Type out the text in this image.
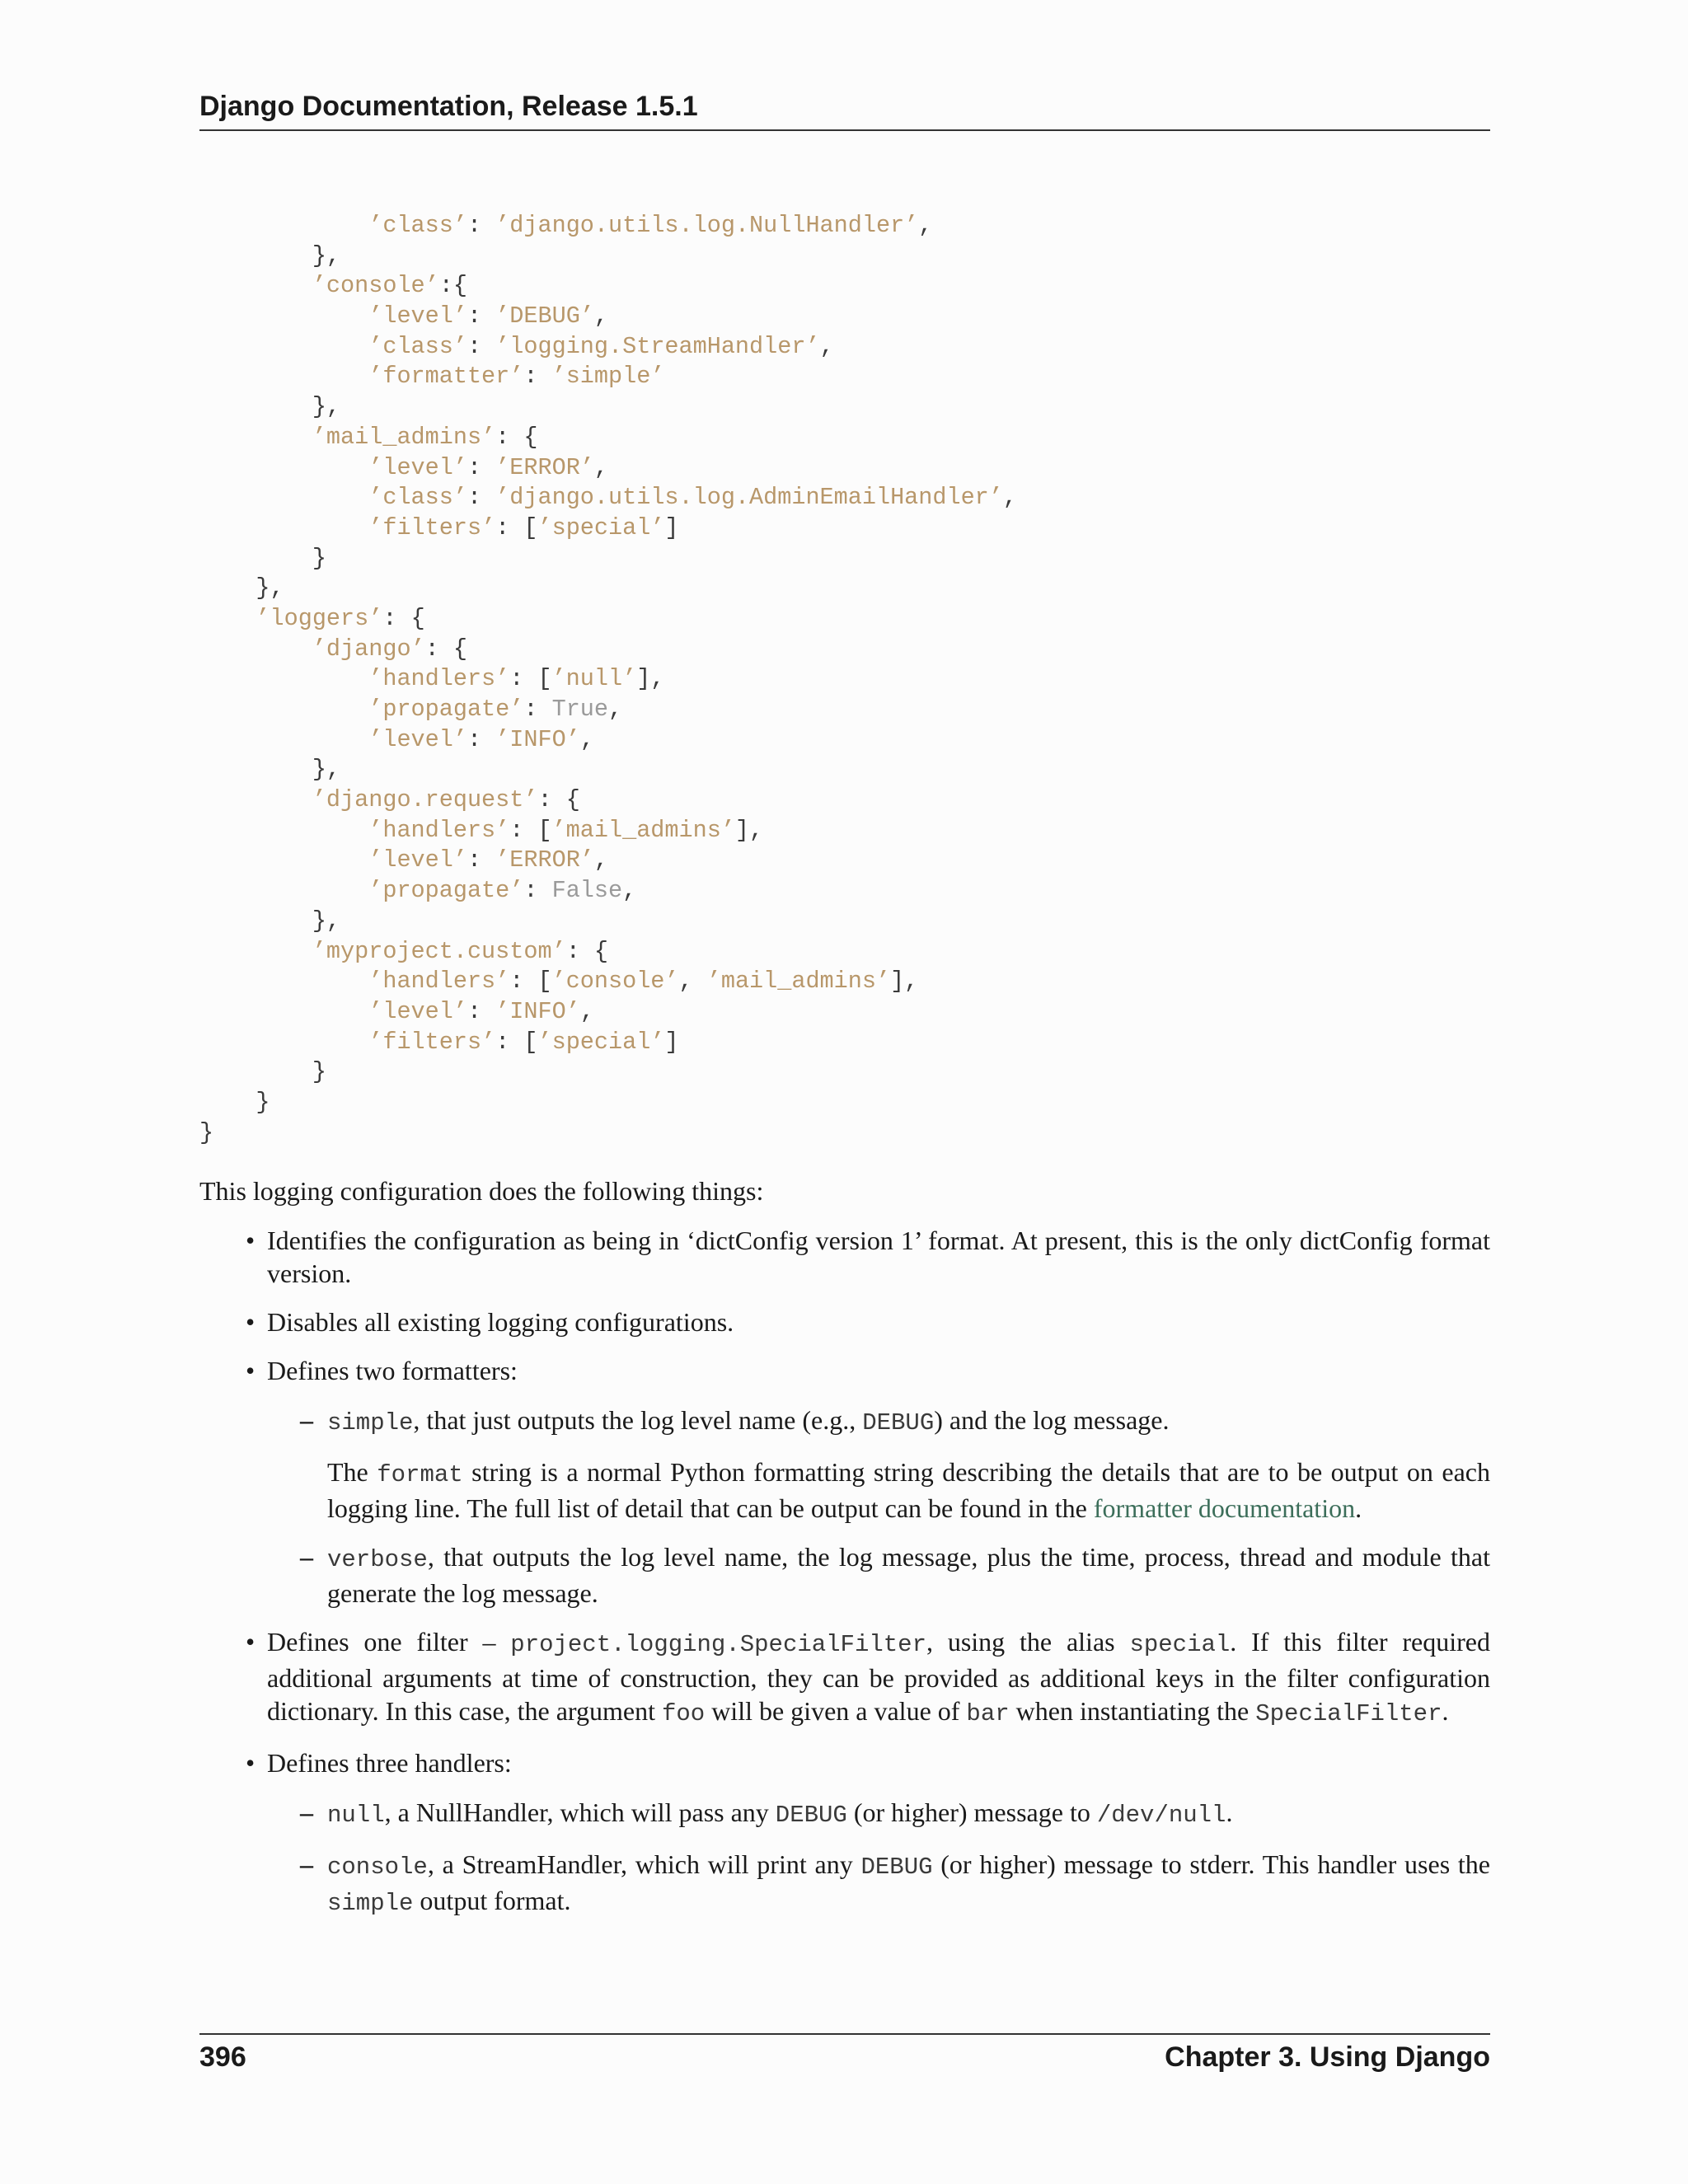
Django Documentation, Release 1.5.1
’class’: ’django.utils.log.NullHandler’,
},
’console’:{
’level’: ’DEBUG’,
’class’: ’logging.StreamHandler’,
’formatter’: ’simple’
},
’mail_admins’: {
’level’: ’ERROR’,
’class’: ’django.utils.log.AdminEmailHandler’,
’filters’: [’special’]
}
},
’loggers’: {
’django’: {
’handlers’: [’null’],
’propagate’: True,
’level’: ’INFO’,
},
’django.request’: {
’handlers’: [’mail_admins’],
’level’: ’ERROR’,
’propagate’: False,
},
’myproject.custom’: {
’handlers’: [’console’, ’mail_admins’],
’level’: ’INFO’,
’filters’: [’special’]
}
}
}

This logging configuration does the following things:

• Identifies the configuration as being in ‘dictConfig version 1’ format. At present, this is the only dictConfig format version.
• Disables all existing logging configurations.
• Defines two formatters:
– simple, that just outputs the log level name (e.g., DEBUG) and the log message.
The format string is a normal Python formatting string describing the details that are to be output on each logging line. The full list of detail that can be output can be found in the formatter documentation.
– verbose, that outputs the log level name, the log message, plus the time, process, thread and module that generate the log message.
• Defines one filter – project.logging.SpecialFilter, using the alias special. If this filter required additional arguments at time of construction, they can be provided as additional keys in the filter configuration dictionary. In this case, the argument foo will be given a value of bar when instantiating the SpecialFilter.
• Defines three handlers:
– null, a NullHandler, which will pass any DEBUG (or higher) message to /dev/null.
– console, a StreamHandler, which will print any DEBUG (or higher) message to stderr. This handler uses the simple output format.
396	Chapter 3. Using Django
